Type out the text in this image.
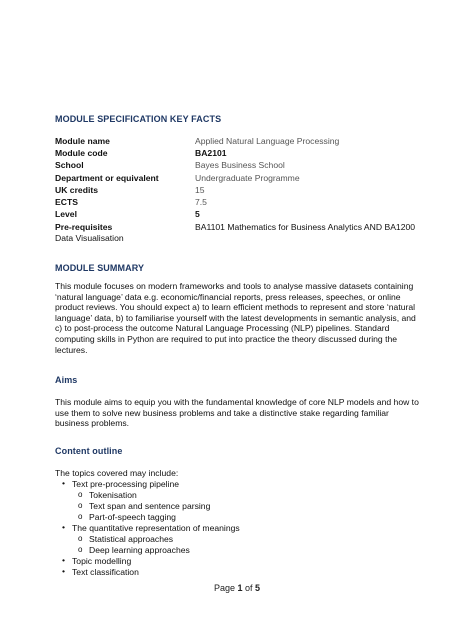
MODULE SPECIFICATION KEY FACTS
Module name	Applied Natural Language Processing
Module code	BA2101
School	Bayes Business School
Department or equivalent	Undergraduate Programme
UK credits	15
ECTS	7.5
Level	5
Pre-requisites	BA1101 Mathematics for Business Analytics AND BA1200
Data Visualisation
MODULE SUMMARY

This module focuses on modern frameworks and tools to analyse massive datasets containing ‘natural language’ data e.g. economic/financial reports, press releases, speeches, or online product reviews. You should expect a) to learn efficient methods to represent and store ‘natural language’ data, b) to familiarise yourself with the latest developments in semantic analysis, and c) to post-process the outcome Natural Language Processing (NLP) pipelines. Standard computing skills in Python are required to put into practice the theory discussed during the lectures.

Aims

This module aims to equip you with the fundamental knowledge of core NLP models and how to use them to solve new business problems and take a distinctive stake regarding familiar business problems.

Content outline
The topics covered may include:
• Text pre-processing pipeline
o Tokenisation
o Text span and sentence parsing
o Part-of-speech tagging
• The quantitative representation of meanings
o Statistical approaches
o Deep learning approaches
• Topic modelling
• Text classification
Page 1 of 5
